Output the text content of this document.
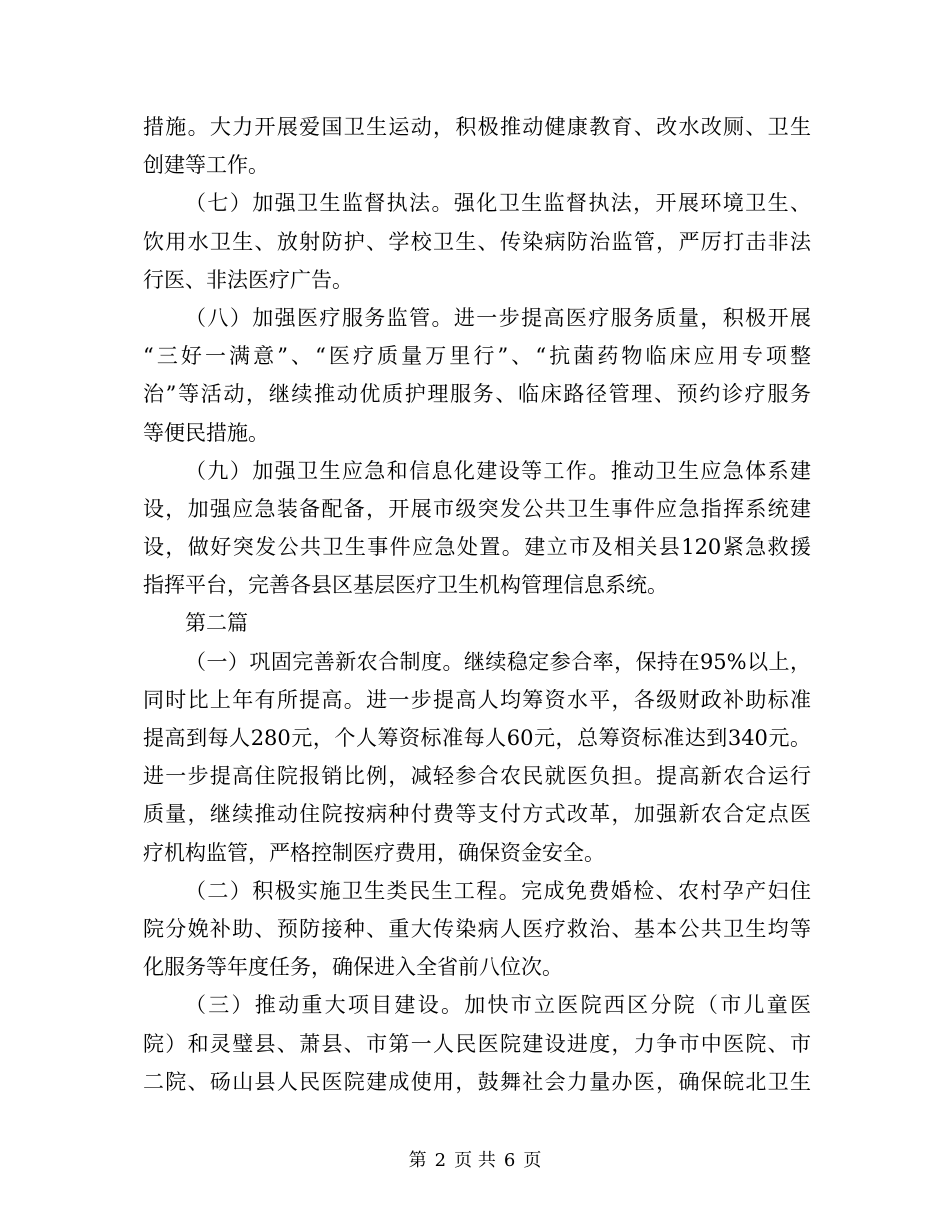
措施。大力开展爱国卫生运动，积极推动健康教育、改水改厕、卫生
创建等工作。
（七）加强卫生监督执法。强化卫生监督执法，开展环境卫生、
饮用水卫生、放射防护、学校卫生、传染病防治监管，严厉打击非法
行医、非法医疗广告。
（八）加强医疗服务监管。进一步提高医疗服务质量，积极开展
“三好一满意”、“医疗质量万里行”、“抗菌药物临床应用专项整
治”等活动，继续推动优质护理服务、临床路径管理、预约诊疗服务
等便民措施。
（九）加强卫生应急和信息化建设等工作。推动卫生应急体系建
设，加强应急装备配备，开展市级突发公共卫生事件应急指挥系统建
设，做好突发公共卫生事件应急处置。建立市及相关县120紧急救援
指挥平台，完善各县区基层医疗卫生机构管理信息系统。
第二篇
（一）巩固完善新农合制度。继续稳定参合率，保持在95%以上，
同时比上年有所提高。进一步提高人均筹资水平，各级财政补助标准
提高到每人280元，个人筹资标准每人60元，总筹资标准达到340元。
进一步提高住院报销比例，减轻参合农民就医负担。提高新农合运行
质量，继续推动住院按病种付费等支付方式改革，加强新农合定点医
疗机构监管，严格控制医疗费用，确保资金安全。
（二）积极实施卫生类民生工程。完成免费婚检、农村孕产妇住
院分娩补助、预防接种、重大传染病人医疗救治、基本公共卫生均等
化服务等年度任务，确保进入全省前八位次。
（三）推动重大项目建设。加快市立医院西区分院（市儿童医
院）和灵璧县、萧县、市第一人民医院建设进度，力争市中医院、市
二院、砀山县人民医院建成使用，鼓舞社会力量办医，确保皖北卫生
第 2 页 共 6 页
